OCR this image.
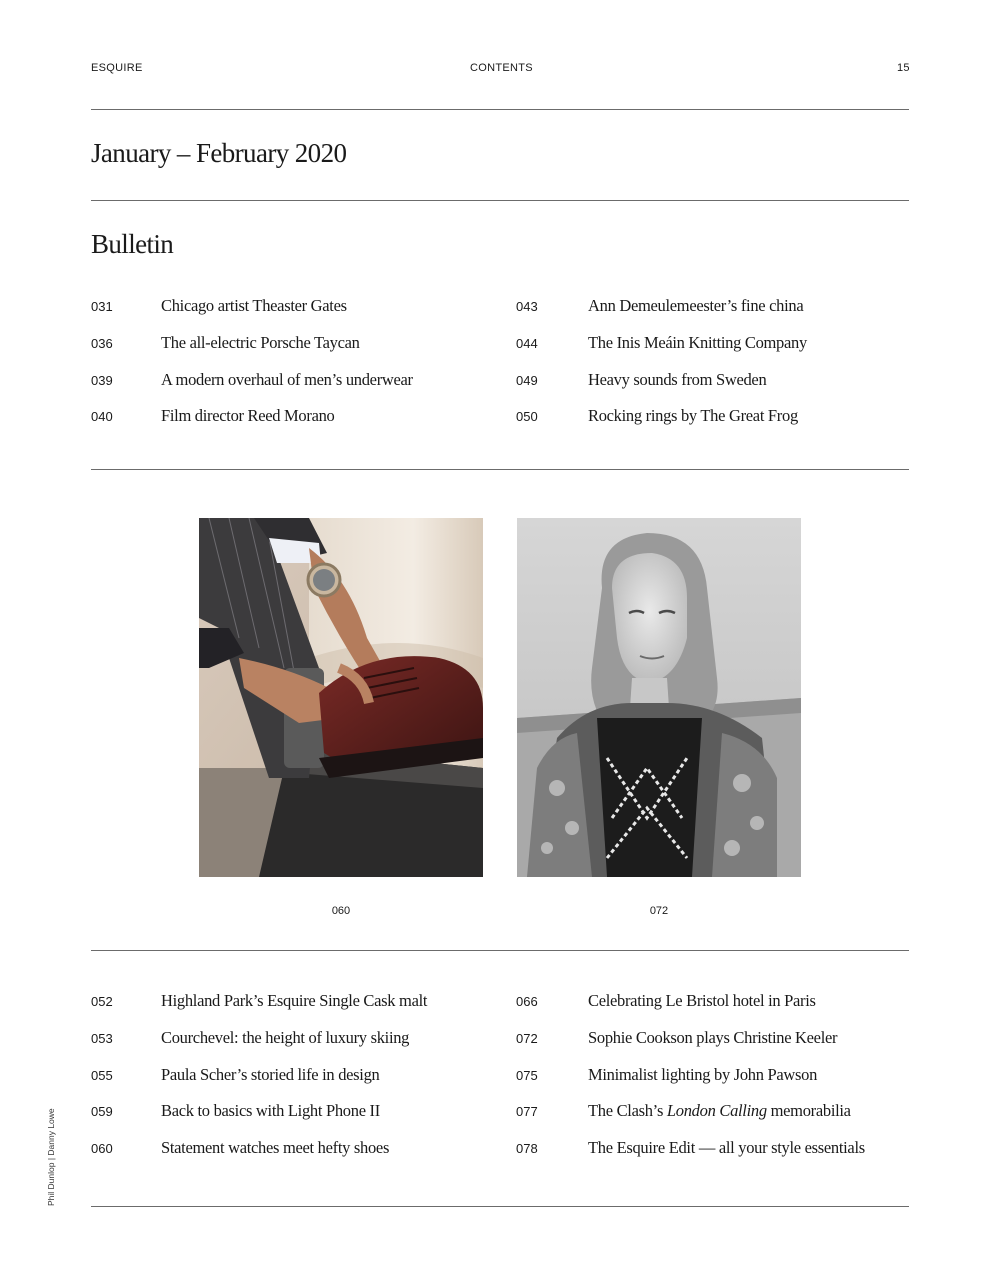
ESQUIRE	CONTENTS	15
January – February 2020
Bulletin
031	Chicago artist Theaster Gates
036	The all-electric Porsche Taycan
039	A modern overhaul of men’s underwear
040	Film director Reed Morano
043	Ann Demeulemeester’s fine china
044	The Inis Meáin Knitting Company
049	Heavy sounds from Sweden
050	Rocking rings by The Great Frog
060	072
052	Highland Park’s Esquire Single Cask malt
053	Courchevel: the height of luxury skiing
055	Paula Scher’s storied life in design
059	Back to basics with Light Phone II
060	Statement watches meet hefty shoes
066	Celebrating Le Bristol hotel in Paris
072	Sophie Cookson plays Christine Keeler
075	Minimalist lighting by John Pawson
077	The Clash’s London Calling memorabilia
078	The Esquire Edit — all your style essentials
Phil Dunlop | Danny Lowe
